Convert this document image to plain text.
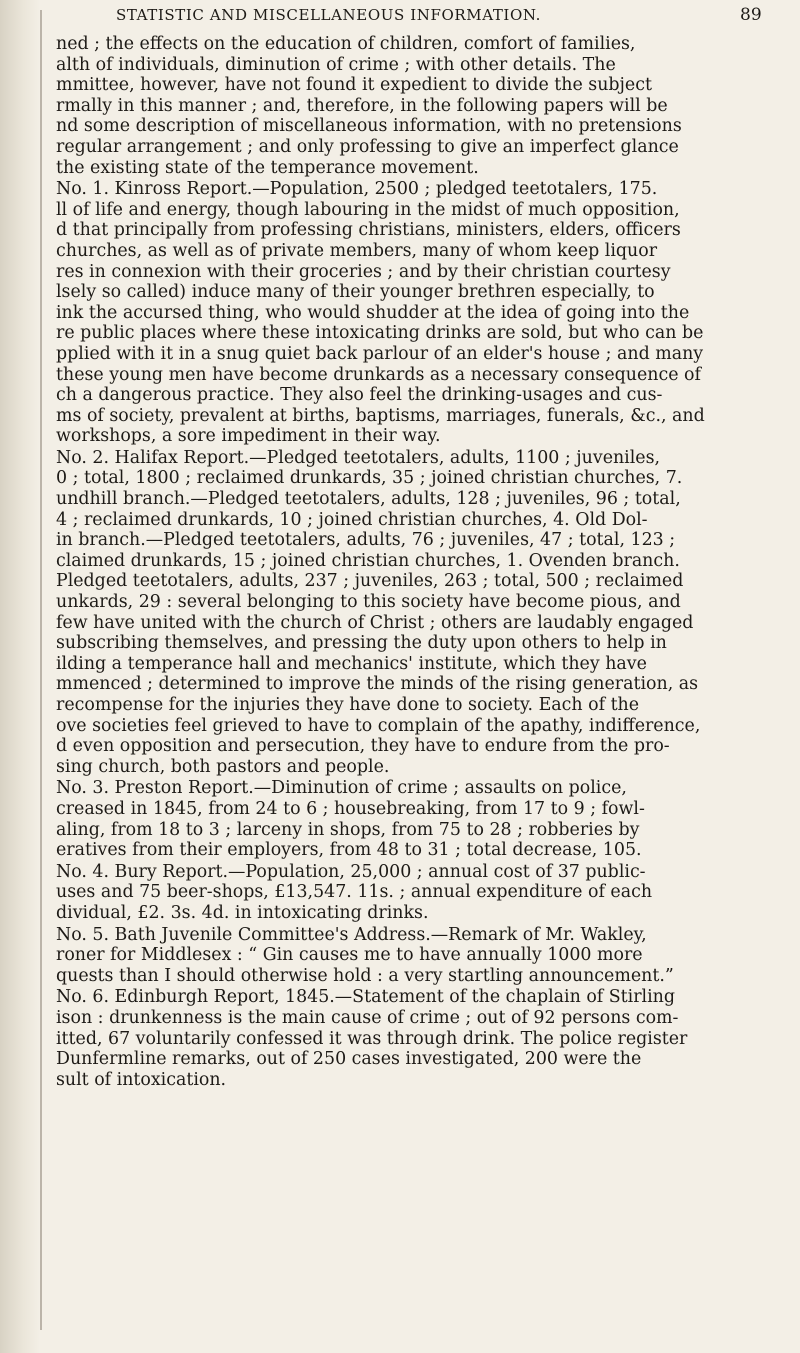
STATISTIC AND MISCELLANEOUS INFORMATION.	89
ned ; the effects on the education of children, comfort of families,
alth of individuals, diminution of crime ; with other details. The
mmittee, however, have not found it expedient to divide the subject
rmally in this manner ; and, therefore, in the following papers will be
nd some description of miscellaneous information, with no pretensions
regular arrangement ; and only professing to give an imperfect glance
the existing state of the temperance movement.
No. 1. Kinross Report.—Population, 2500 ; pledged teetotalers, 175.
ll of life and energy, though labouring in the midst of much opposition,
d that principally from professing christians, ministers, elders, officers
churches, as well as of private members, many of whom keep liquor
res in connexion with their groceries ; and by their christian courtesy
lsely so called) induce many of their younger brethren especially, to
ink the accursed thing, who would shudder at the idea of going into the
re public places where these intoxicating drinks are sold, but who can be
pplied with it in a snug quiet back parlour of an elder's house ; and many
these young men have become drunkards as a necessary consequence of
ch a dangerous practice. They also feel the drinking-usages and cus-
ms of society, prevalent at births, baptisms, marriages, funerals, &c., and
workshops, a sore impediment in their way.
No. 2. Halifax Report.—Pledged teetotalers, adults, 1100 ; juveniles,
0 ; total, 1800 ; reclaimed drunkards, 35 ; joined christian churches, 7.
undhill branch.—Pledged teetotalers, adults, 128 ; juveniles, 96 ; total,
4 ; reclaimed drunkards, 10 ; joined christian churches, 4. Old Dol-
in branch.—Pledged teetotalers, adults, 76 ; juveniles, 47 ; total, 123 ;
claimed drunkards, 15 ; joined christian churches, 1. Ovenden branch.
Pledged teetotalers, adults, 237 ; juveniles, 263 ; total, 500 ; reclaimed
unkards, 29 : several belonging to this society have become pious, and
few have united with the church of Christ ; others are laudably engaged
subscribing themselves, and pressing the duty upon others to help in
ilding a temperance hall and mechanics' institute, which they have
mmenced ; determined to improve the minds of the rising generation, as
recompense for the injuries they have done to society. Each of the
ove societies feel grieved to have to complain of the apathy, indifference,
d even opposition and persecution, they have to endure from the pro-
sing church, both pastors and people.
No. 3. Preston Report.—Diminution of crime ; assaults on police,
creased in 1845, from 24 to 6 ; housebreaking, from 17 to 9 ; fowl-
aling, from 18 to 3 ; larceny in shops, from 75 to 28 ; robberies by
eratives from their employers, from 48 to 31 ; total decrease, 105.
No. 4. Bury Report.—Population, 25,000 ; annual cost of 37 public-
uses and 75 beer-shops, £13,547. 11s. ; annual expenditure of each
dividual, £2. 3s. 4d. in intoxicating drinks.
No. 5. Bath Juvenile Committee's Address.—Remark of Mr. Wakley,
roner for Middlesex : “ Gin causes me to have annually 1000 more
quests than I should otherwise hold : a very startling announcement.”
No. 6. Edinburgh Report, 1845.—Statement of the chaplain of Stirling
ison : drunkenness is the main cause of crime ; out of 92 persons com-
itted, 67 voluntarily confessed it was through drink. The police register
Dunfermline remarks, out of 250 cases investigated, 200 were the
sult of intoxication.
